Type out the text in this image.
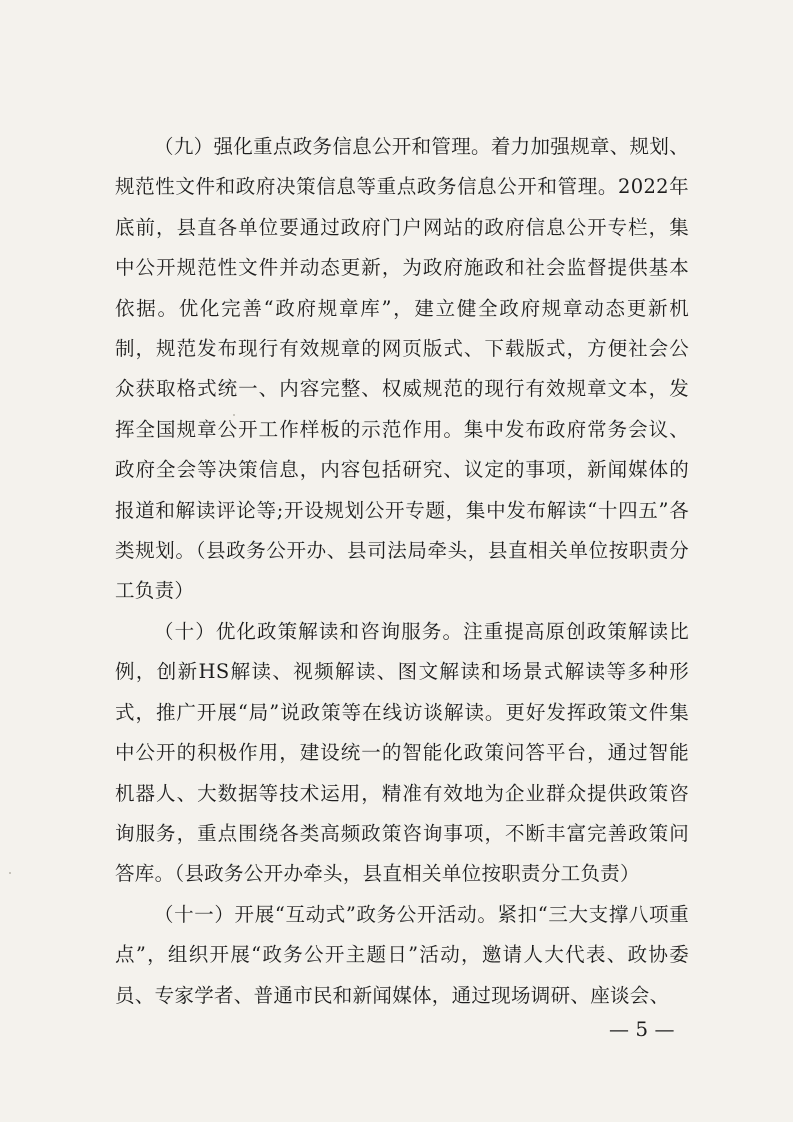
（九）强化重点政务信息公开和管理。着力加强规章、规划、规范性文件和政府决策信息等重点政务信息公开和管理。2022年底前，县直各单位要通过政府门户网站的政府信息公开专栏，集中公开规范性文件并动态更新，为政府施政和社会监督提供基本依据。优化完善“政府规章库”，建立健全政府规章动态更新机制，规范发布现行有效规章的网页版式、下载版式，方便社会公众获取格式统一、内容完整、权威规范的现行有效规章文本，发挥全国规章公开工作样板的示范作用。集中发布政府常务会议、政府全会等决策信息，内容包括研究、议定的事项，新闻媒体的报道和解读评论等;开设规划公开专题，集中发布解读“十四五”各类规划。（县政务公开办、县司法局牵头，县直相关单位按职责分工负责）

（十）优化政策解读和咨询服务。注重提高原创政策解读比例，创新HS解读、视频解读、图文解读和场景式解读等多种形式，推广开展“局”说政策等在线访谈解读。更好发挥政策文件集中公开的积极作用，建设统一的智能化政策问答平台，通过智能机器人、大数据等技术运用，精准有效地为企业群众提供政策咨询服务，重点围绕各类高频政策咨询事项，不断丰富完善政策问答库。（县政务公开办牵头，县直相关单位按职责分工负责）

（十一）开展“互动式”政务公开活动。紧扣“三大支撑八项重点”，组织开展“政务公开主题日”活动，邀请人大代表、政协委员、专家学者、普通市民和新闻媒体，通过现场调研、座谈会、

— 5 —
